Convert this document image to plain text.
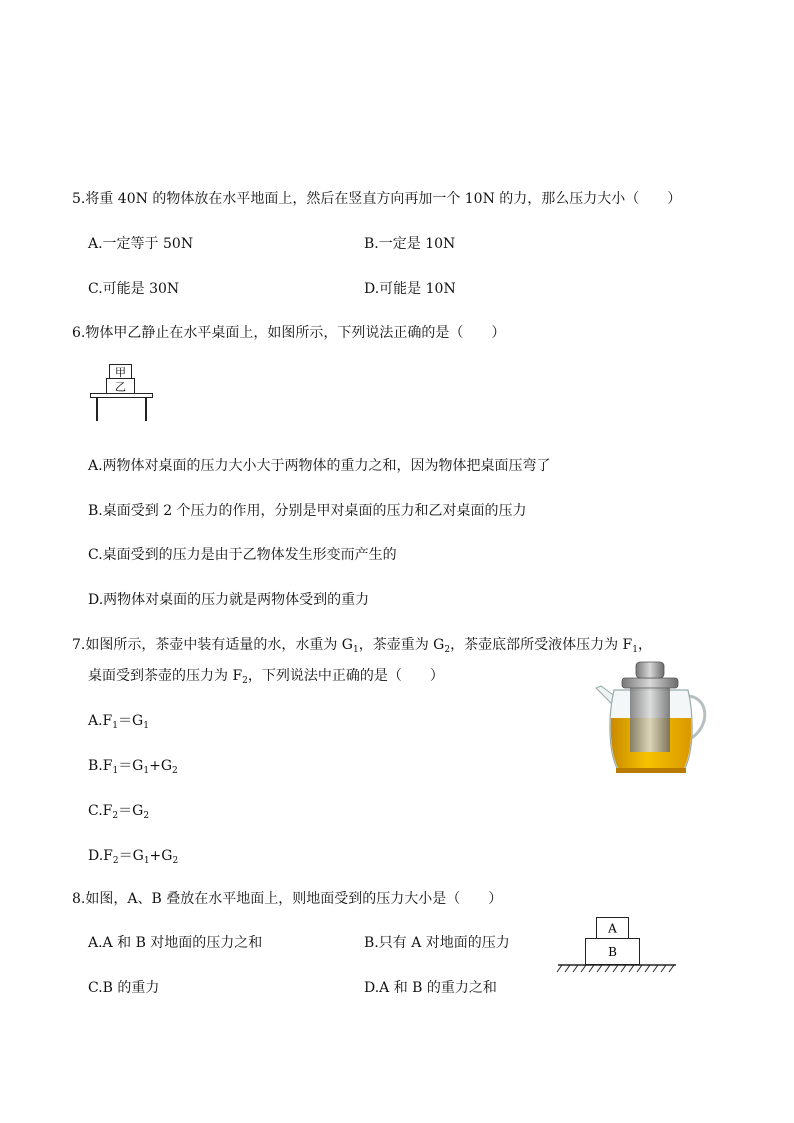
5.将重 40N 的物体放在水平地面上，然后在竖直方向再加一个 10N 的力，那么压力大小（　　）
A.一定等于 50N	B.一定是 10N
C.可能是 30N	D.可能是 10N
6.物体甲乙静止在水平桌面上，如图所示，下列说法正确的是（　　）
甲
乙
A.两物体对桌面的压力大小大于两物体的重力之和，因为物体把桌面压弯了
B.桌面受到 2 个压力的作用，分别是甲对桌面的压力和乙对桌面的压力
C.桌面受到的压力是由于乙物体发生形变而产生的
D.两物体对桌面的压力就是两物体受到的重力
7.如图所示，茶壶中装有适量的水，水重为 $G_1$，茶壶重为 $G_2$，茶壶底部所受液体压力为 $F_1$，
桌面受到茶壶的压力为 $F_2$，下列说法中正确的是（　　）
$A.F_1=G_1$
$B.F_1=G_1+G_2$
$C.F_2=G_2$
$D.F_2=G_1+G_2$
8.如图，A、B 叠放在水平地面上，则地面受到的压力大小是（　　）
A.A 和 B 对地面的压力之和	B.只有 A 对地面的压力
C.B 的重力	D.A 和 B 的重力之和
A
B
